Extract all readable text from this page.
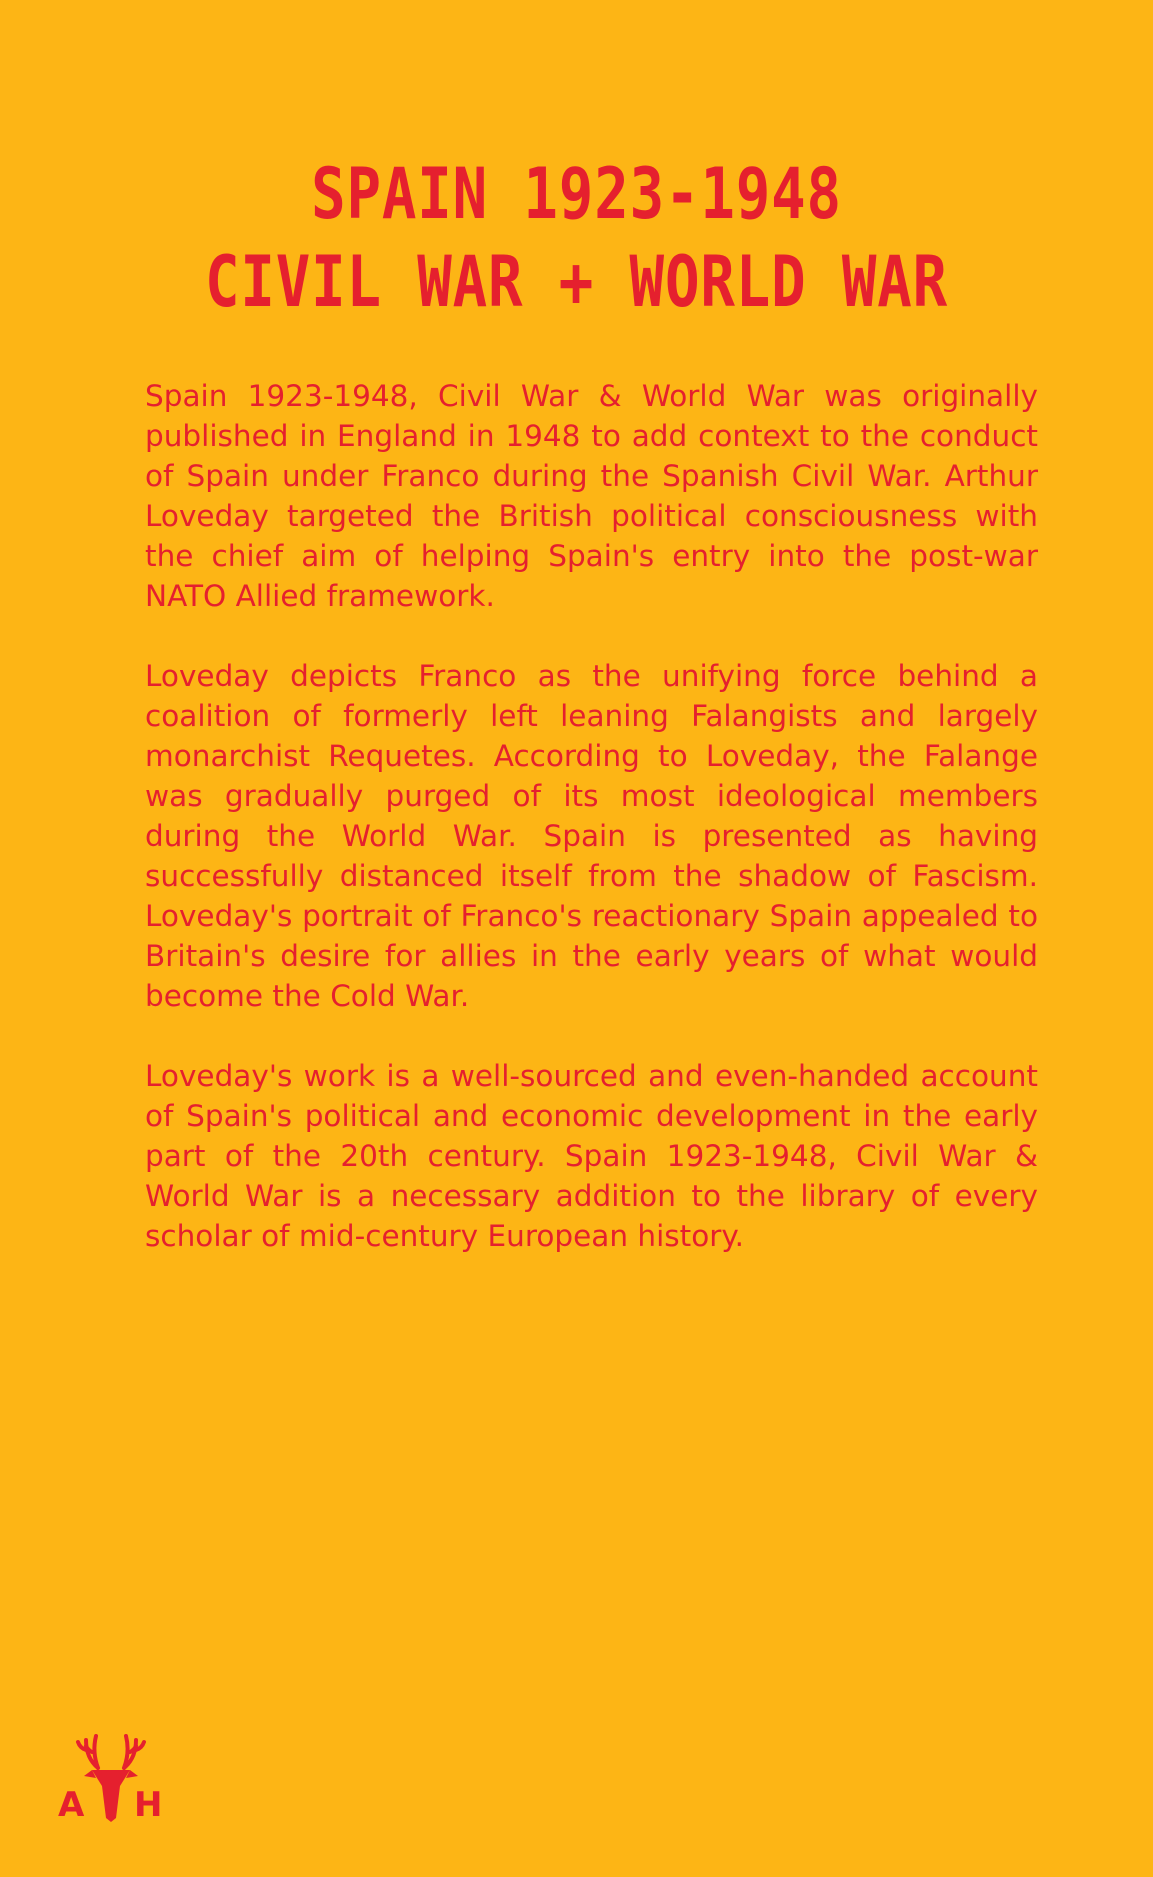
SPAIN 1923-1948
CIVIL WAR + WORLD WAR

Spain 1923-1948, Civil War & World War was originally published in England in 1948 to add context to the conduct of Spain under Franco during the Spanish Civil War. Arthur Loveday targeted the British political consciousness with the chief aim of helping Spain's entry into the post-war NATO Allied framework.

Loveday depicts Franco as the unifying force behind a coalition of formerly left leaning Falangists and largely monarchist Requetes. According to Loveday, the Falange was gradually purged of its most ideological members during the World War. Spain is presented as having successfully distanced itself from the shadow of Fascism. Loveday's portrait of Franco's reactionary Spain appealed to Britain's desire for allies in the early years of what would become the Cold War.

Loveday's work is a well-sourced and even-handed account of Spain's political and economic development in the early part of the 20th century. Spain 1923-1948, Civil War & World War is a necessary addition to the library of every scholar of mid-century European history.

A H
